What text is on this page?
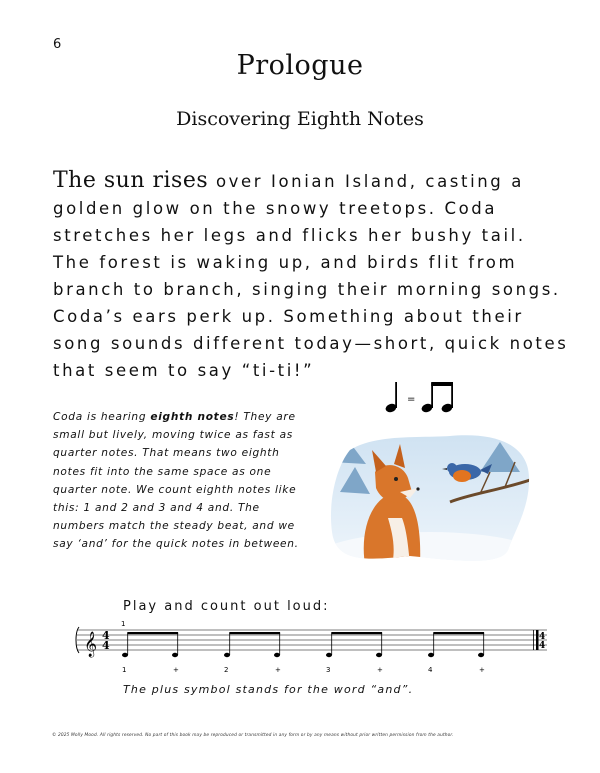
6
Prologue
Discovering Eighth Notes
The sun rises over Ionian Island, casting a
golden glow on the snowy treetops. Coda
stretches her legs and flicks her bushy tail.
The forest is waking up, and birds flit from
branch to branch, singing their morning songs.
Coda’s ears perk up. Something about their
song sounds different today—short, quick notes
that seem to say “ti-ti!”
=
Coda is hearing eighth notes! They are small but lively, moving twice as fast as quarter notes. That means two eighth notes fit into the same space as one quarter note. We count eighth notes like this: 1 and 2 and 3 and 4 and. The numbers match the steady beat, and we say ‘and’ for the quick notes in between.
Play and count out loud:
𝄞 4
4
1
4
4
1	+	2	+	3	+	4	+
The plus symbol stands for the word “and”.
© 2025 Molly Mood. All rights reserved. No part of this book may be reproduced or transmitted in any form or by any means without prior written permission from the author.
